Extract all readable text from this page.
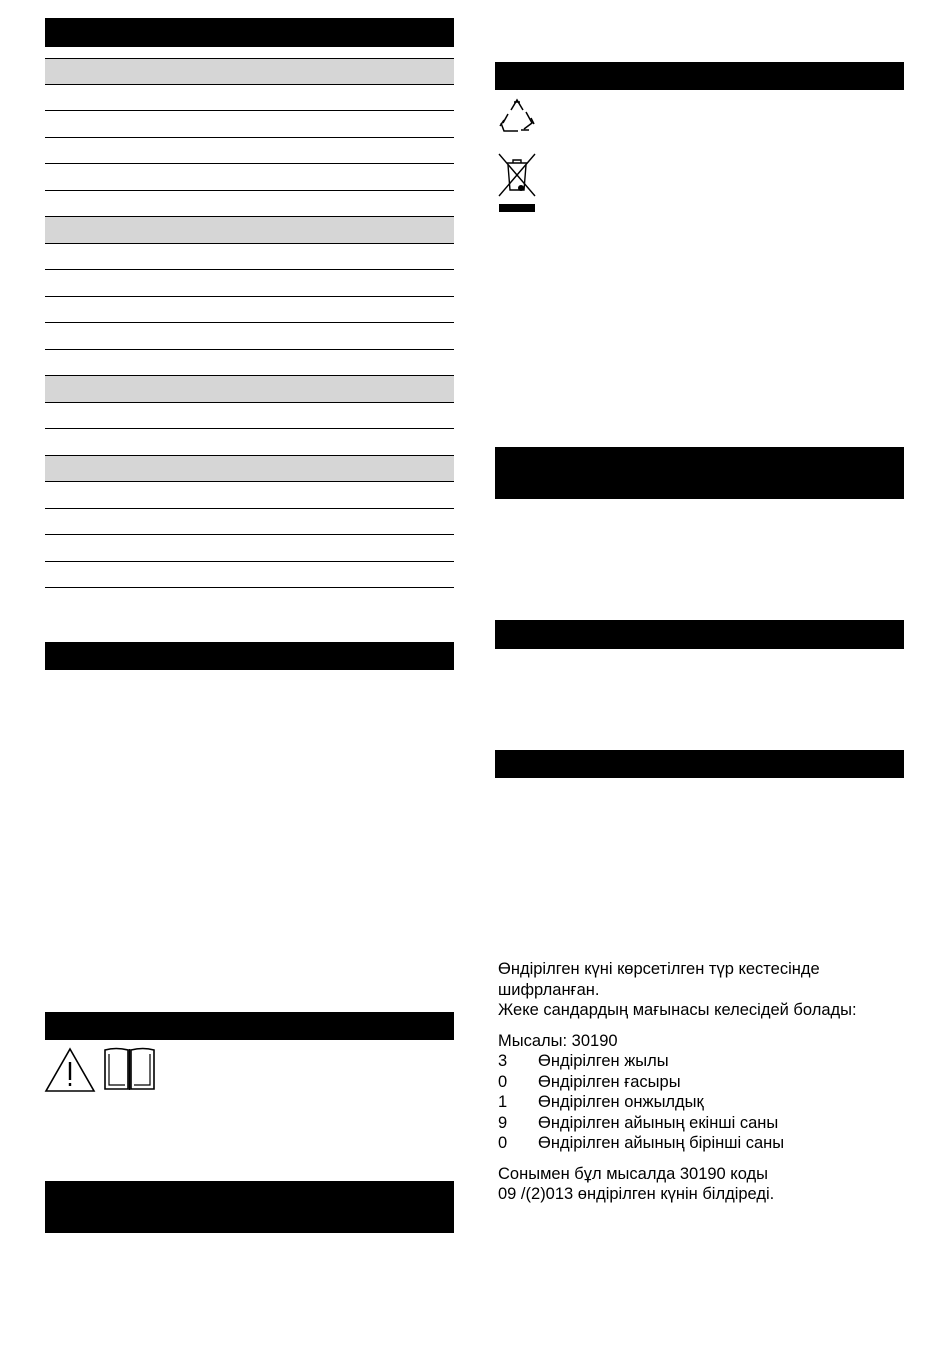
Өндірілген күні көрсетілген түр кестесінде
шифрланған.
Жеке сандардың мағынасы келесідей болады:
Мысалы: 30190
3	Өндірілген жылы
0	Өндірілген ғасыры
1	Өндірілген онжылдық
9	Өндірілген айының екінші саны
0	Өндірілген айының бірінші саны
Сонымен бұл мысалда 30190 коды
09 /(2)013 өндірілген күнін білдіреді.
